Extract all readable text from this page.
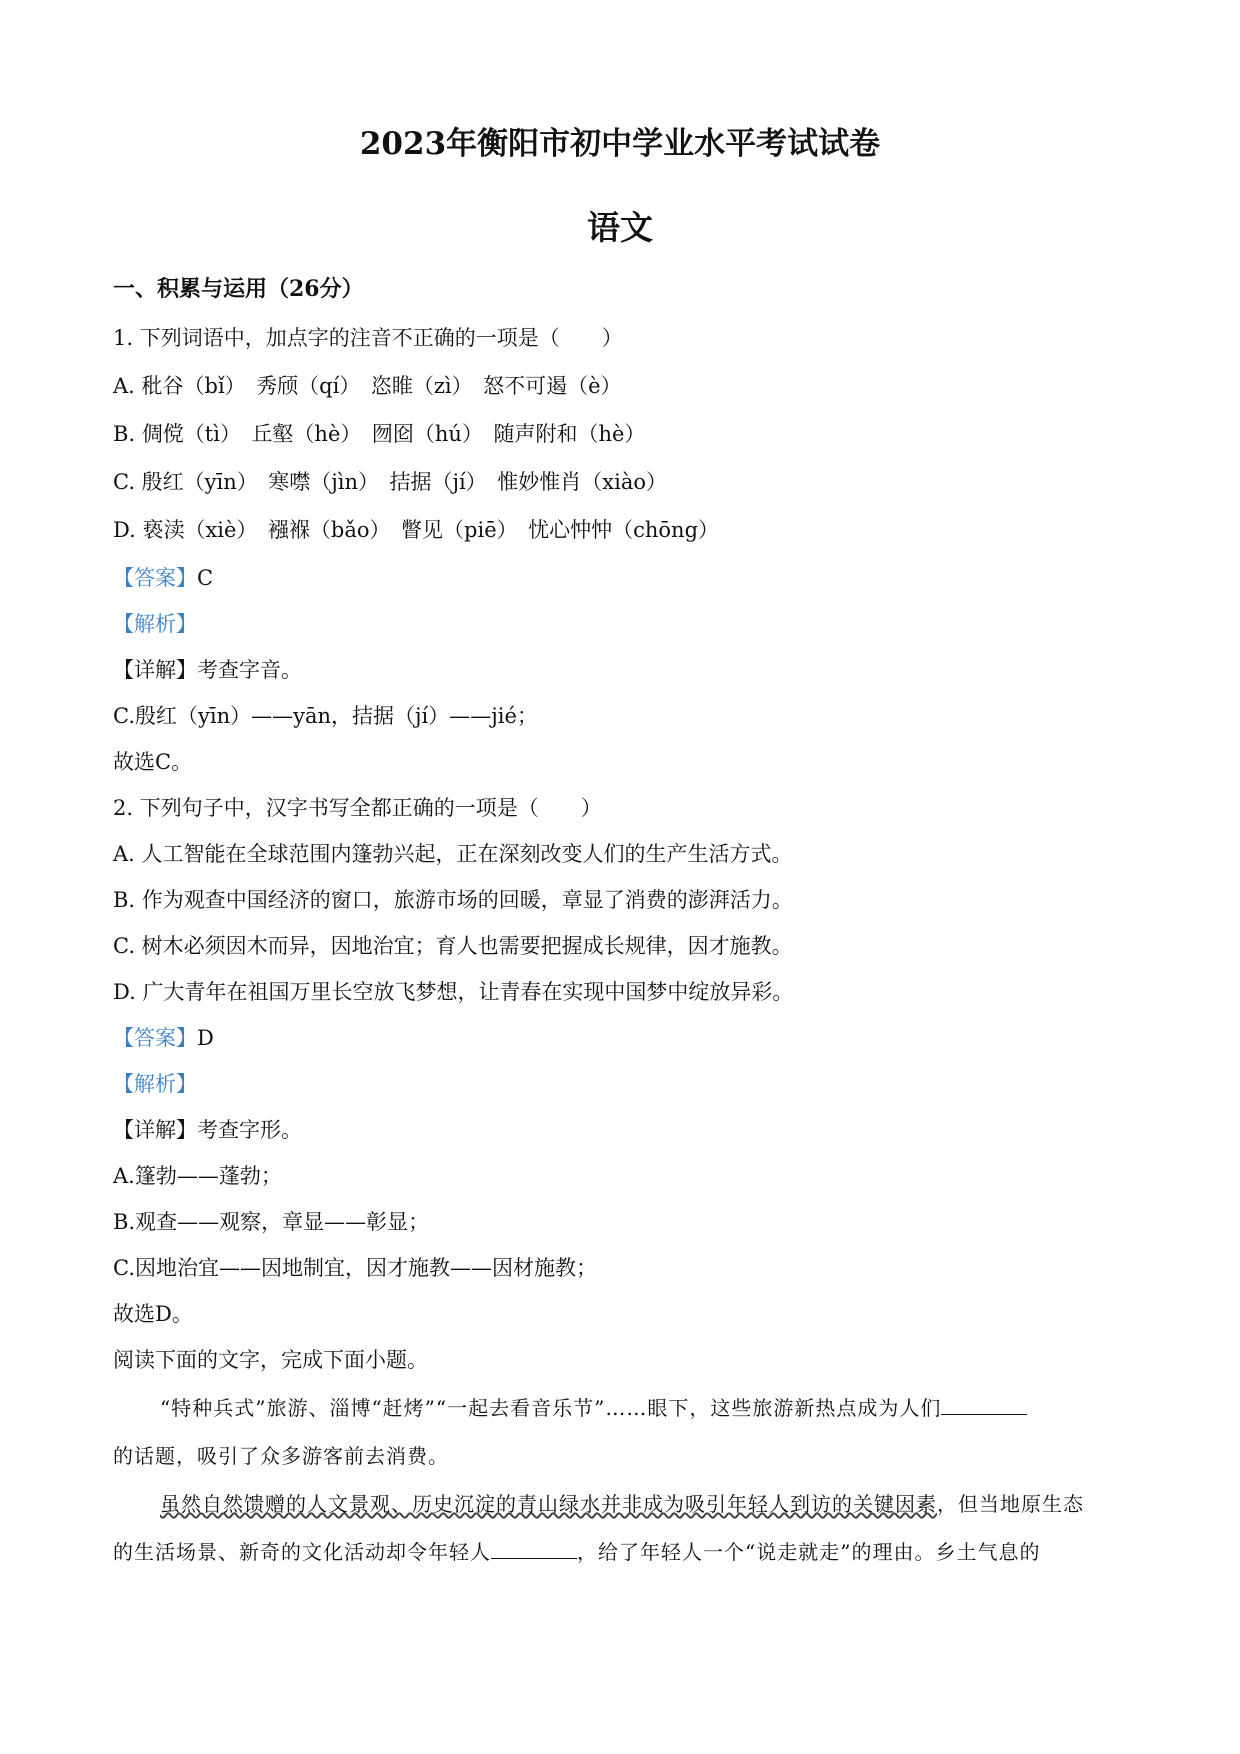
2023年衡阳市初中学业水平考试试卷
语文
一、积累与运用（26分）
1. 下列词语中，加点字的注音不正确的一项是（　　）
A. 秕谷（bǐ）　秀颀（qí）　恣睢（zì）　怒不可遏（è）
B. 倜傥（tì）　丘壑（hè）　囫囵（hú）　随声附和（hè）
C. 殷红（yīn）　寒噤（jìn）　拮据（jí）　惟妙惟肖（xiào）
D. 亵渎（xiè）　襁褓（bǎo）　瞥见（piē）　忧心忡忡（chōng）
【答案】C
【解析】
【详解】考查字音。
C.殷红（yīn）——yān，拮据（jí）——jié；
故选C。
2. 下列句子中，汉字书写全都正确的一项是（　　）
A. 人工智能在全球范围内篷勃兴起，正在深刻改变人们的生产生活方式。
B. 作为观查中国经济的窗口，旅游市场的回暖，章显了消费的澎湃活力。
C. 树木必须因木而异，因地治宜；育人也需要把握成长规律，因才施教。
D. 广大青年在祖国万里长空放飞梦想，让青春在实现中国梦中绽放异彩。
【答案】D
【解析】
【详解】考查字形。
A.篷勃——蓬勃；
B.观查——观察，章显——彰显；
C.因地治宜——因地制宜，因才施教——因材施教；
故选D。
阅读下面的文字，完成下面小题。
“特种兵式”旅游、淄博“赶烤”“一起去看音乐节”……眼下，这些旅游新热点成为人们
的话题，吸引了众多游客前去消费。
虽然自然馈赠的人文景观、历史沉淀的青山绿水并非成为吸引年轻人到访的关键因素，但当地原生态
的生活场景、新奇的文化活动却令年轻人	，给了年轻人一个“说走就走”的理由。乡土气息的
